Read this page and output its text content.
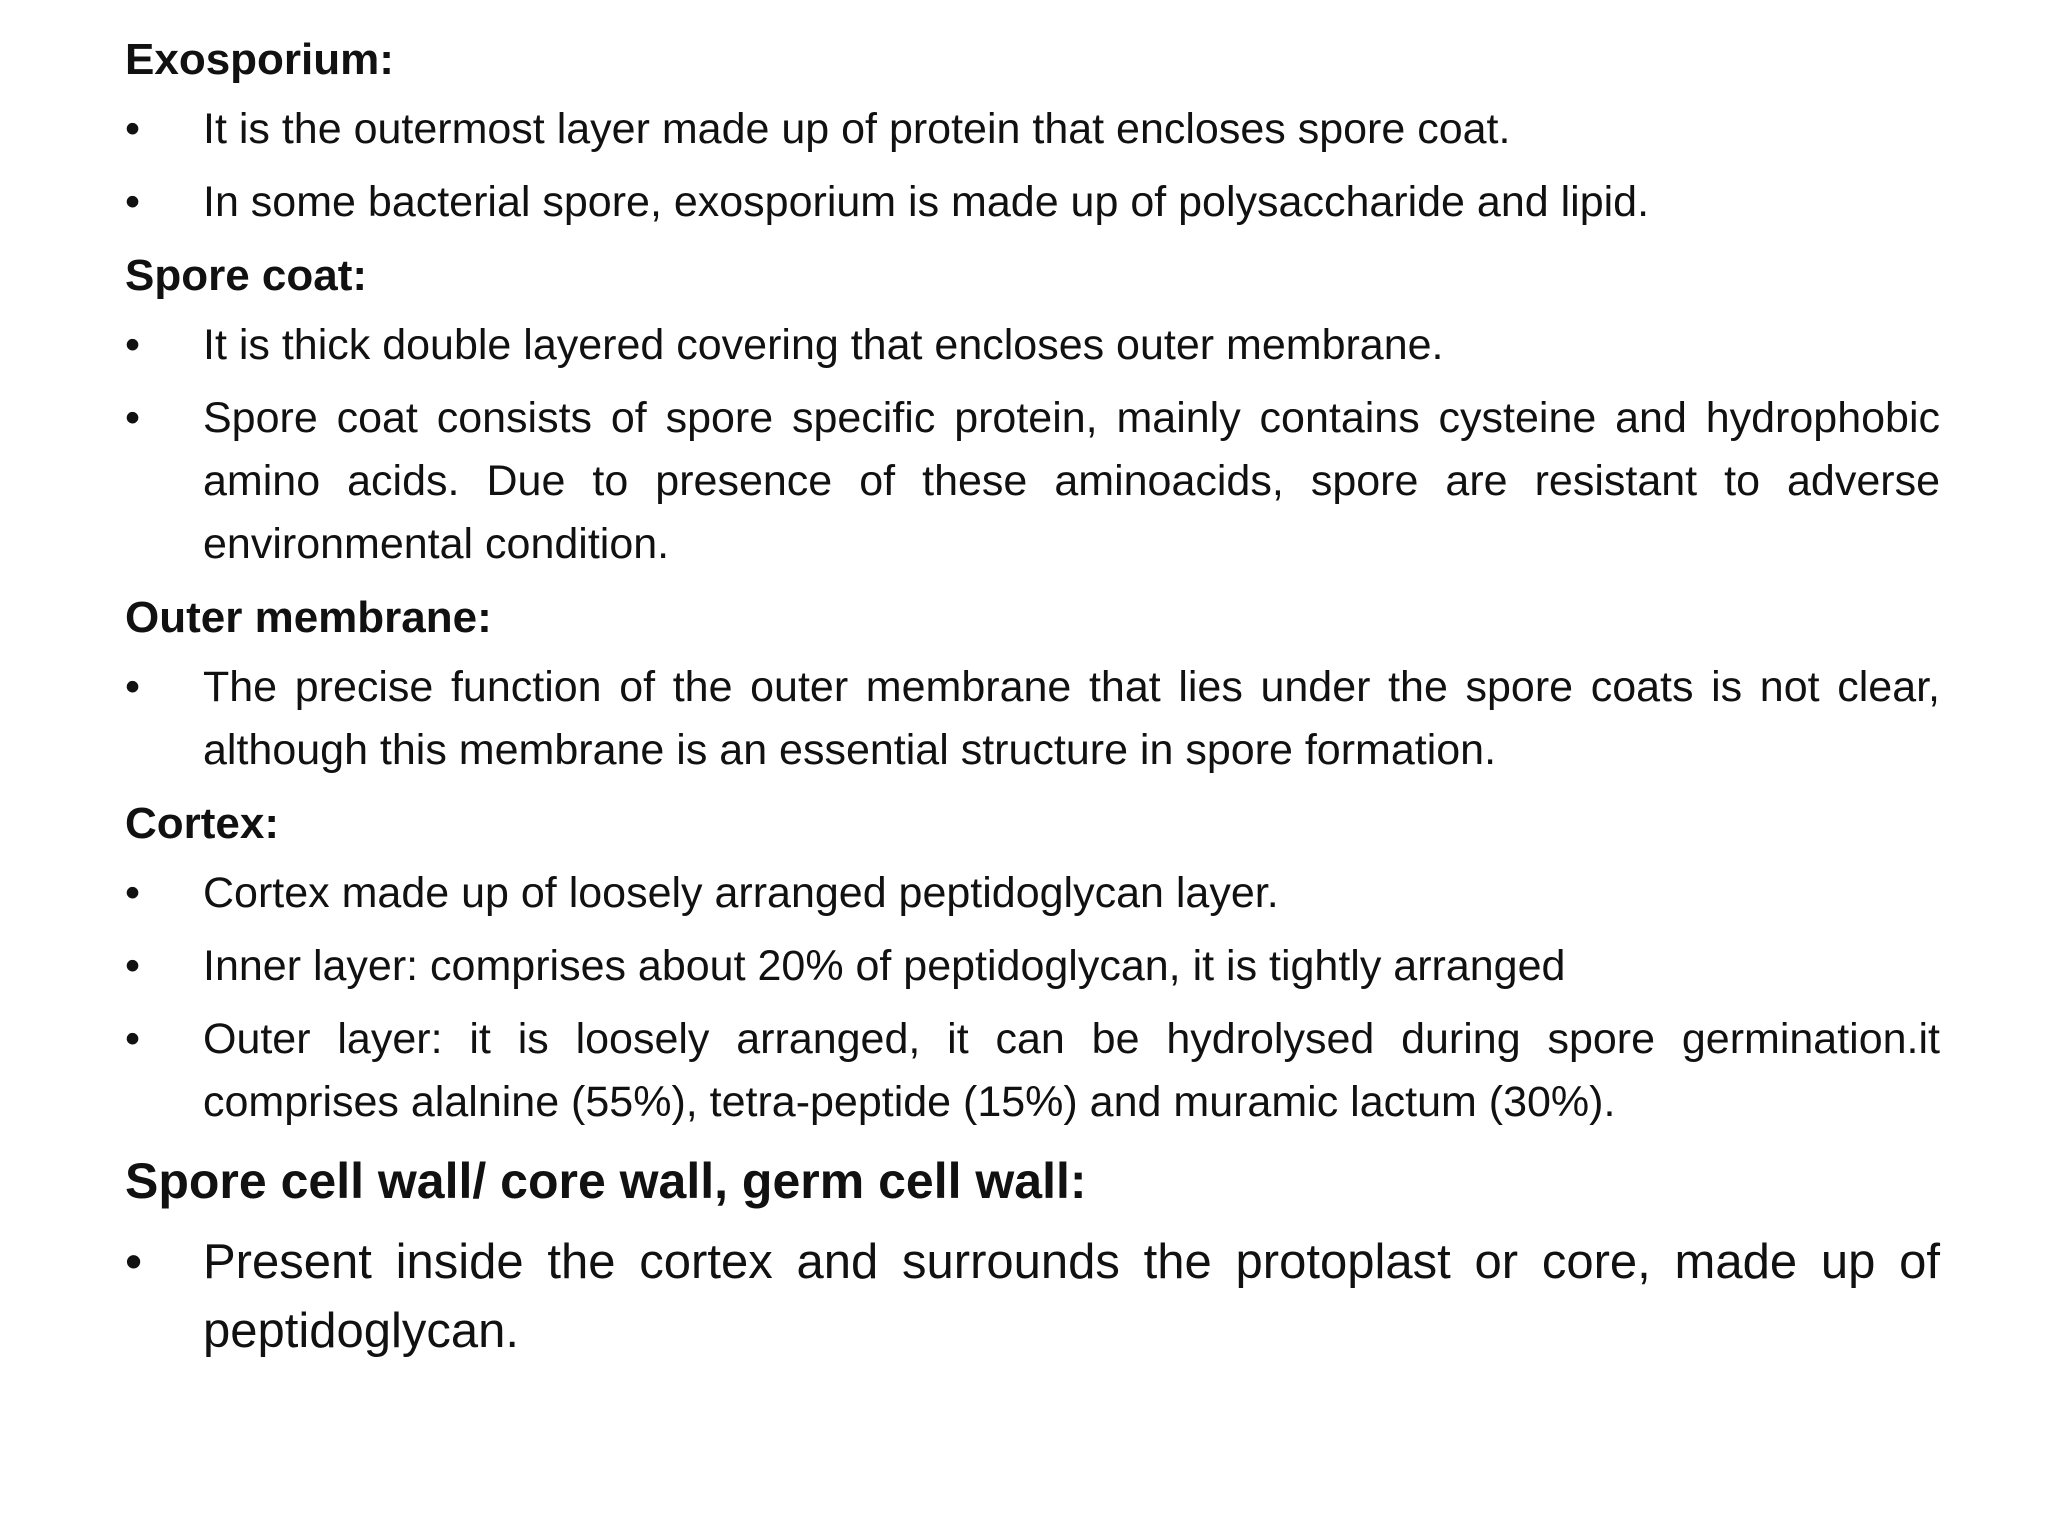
Exosporium:
•	It is the outermost layer made up of protein that encloses spore coat.
•	In some bacterial spore, exosporium is made up of polysaccharide and lipid.
Spore coat:
•	It is thick double layered covering that encloses outer membrane.
•	Spore coat consists of spore specific protein, mainly contains cysteine and hydrophobic amino acids. Due to presence of these aminoacids, spore are resistant to adverse environmental condition.
Outer membrane:
•	The precise function of the outer membrane that lies under the spore coats is not clear, although this membrane is an essential structure in spore formation.
Cortex:
•	Cortex made up of loosely arranged peptidoglycan layer.
•	Inner layer: comprises about 20% of peptidoglycan, it is tightly arranged
•	Outer layer: it is loosely arranged, it can be hydrolysed during spore germination.it comprises alalnine (55%), tetra-peptide (15%) and muramic lactum (30%).
Spore cell wall/ core wall, germ cell wall:
•	Present inside the cortex and surrounds the protoplast or core, made up of peptidoglycan.
